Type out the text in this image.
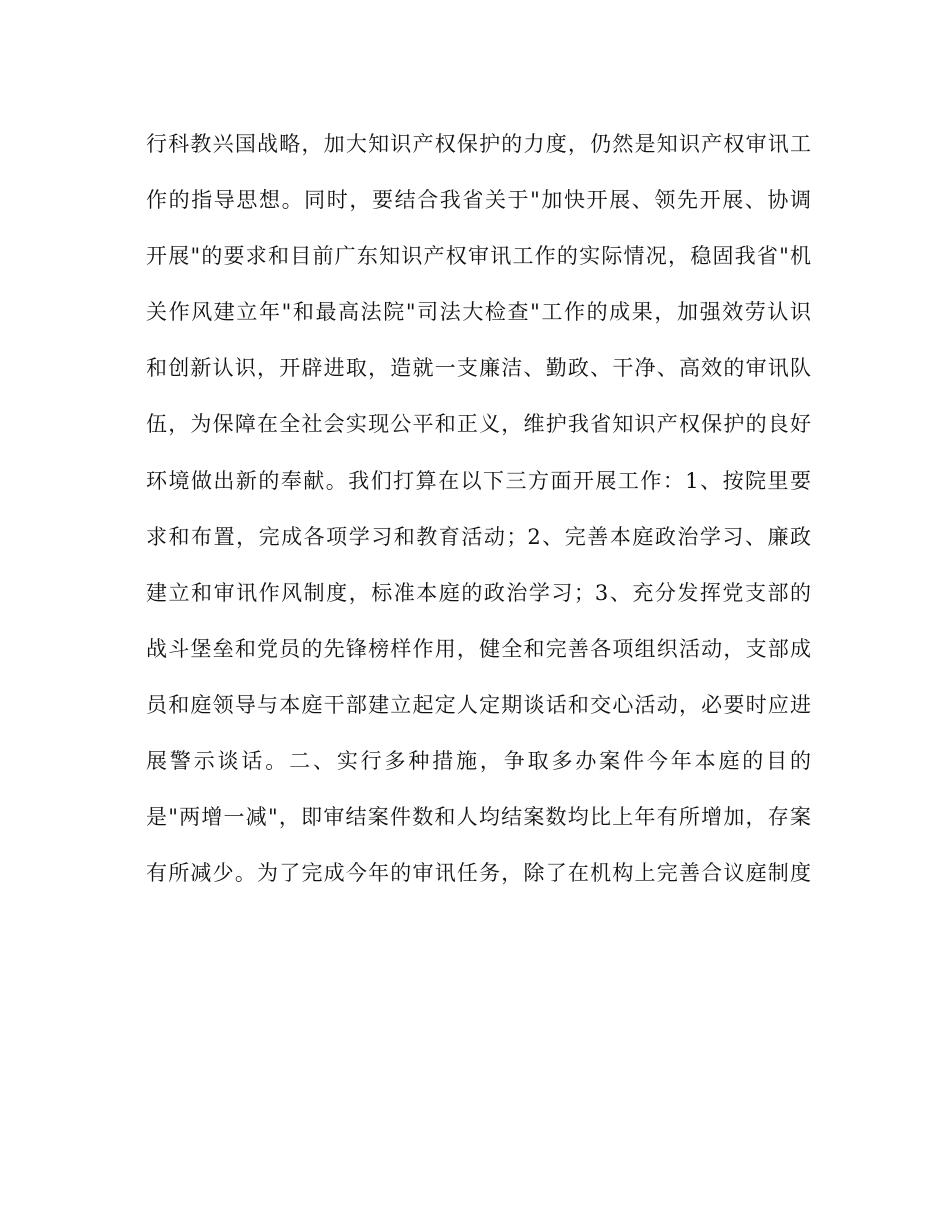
行科教兴国战略，加大知识产权保护的力度，仍然是知识产权审讯工
作的指导思想。同时，要结合我省关于"加快开展、领先开展、协调
开展"的要求和目前广东知识产权审讯工作的实际情况，稳固我省"机
关作风建立年"和最高法院"司法大检查"工作的成果，加强效劳认识
和创新认识，开辟进取，造就一支廉洁、勤政、干净、高效的审讯队
伍，为保障在全社会实现公平和正义，维护我省知识产权保护的良好
环境做出新的奉献。我们打算在以下三方面开展工作：1、按院里要
求和布置，完成各项学习和教育活动；2、完善本庭政治学习、廉政
建立和审讯作风制度，标准本庭的政治学习；3、充分发挥党支部的
战斗堡垒和党员的先锋榜样作用，健全和完善各项组织活动，支部成
员和庭领导与本庭干部建立起定人定期谈话和交心活动，必要时应进
展警示谈话。二、实行多种措施，争取多办案件今年本庭的目的
是"两增一减"，即审结案件数和人均结案数均比上年有所增加，存案
有所减少。为了完成今年的审讯任务，除了在机构上完善合议庭制度
